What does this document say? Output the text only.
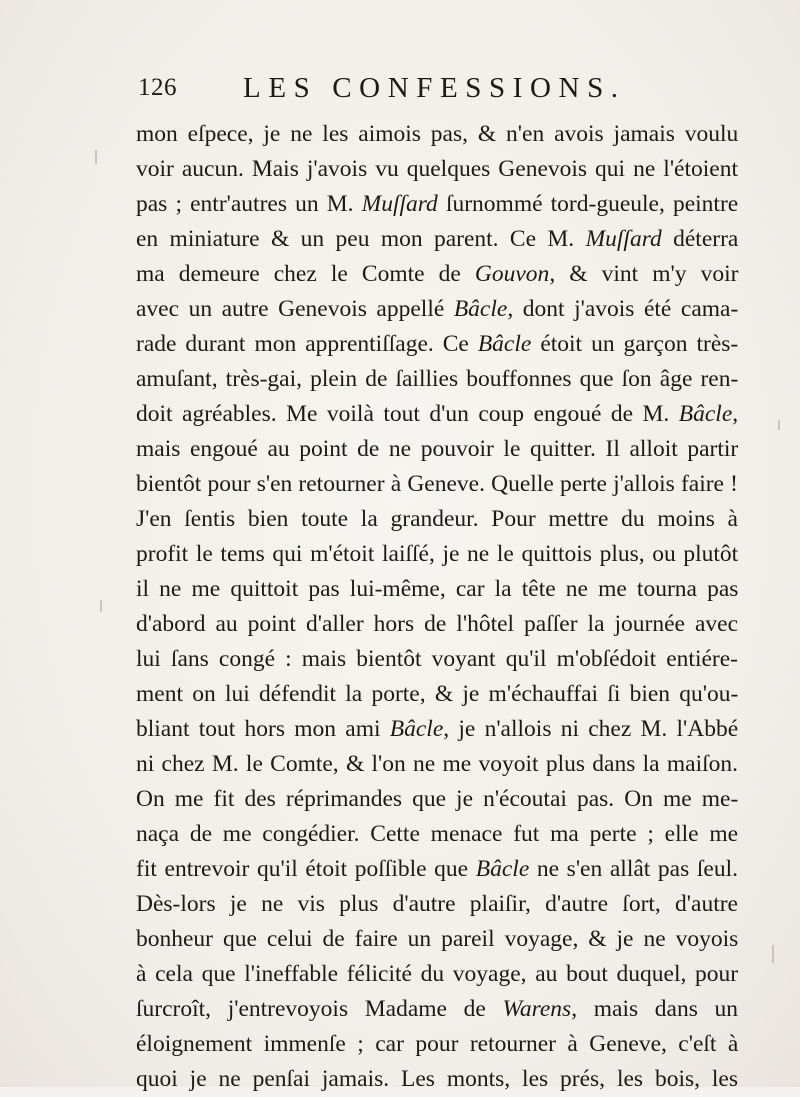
126 LES CONFESSIONS.
mon eſpece, je ne les aimois pas, & n'en avois jamais voulu
voir aucun. Mais j'avois vu quelques Genevois qui ne l'étoient
pas ; entr'autres un M. Muſſard ſurnommé tord-gueule, peintre
en miniature & un peu mon parent. Ce M. Muſſard déterra
ma demeure chez le Comte de Gouvon, & vint m'y voir
avec un autre Genevois appellé Bâcle, dont j'avois été cama-
rade durant mon apprentiſſage. Ce Bâcle étoit un garçon très-
amuſant, très-gai, plein de ſaillies bouffonnes que ſon âge ren-
doit agréables. Me voilà tout d'un coup engoué de M. Bâcle,
mais engoué au point de ne pouvoir le quitter. Il alloit partir
bientôt pour s'en retourner à Geneve. Quelle perte j'allois faire !
J'en ſentis bien toute la grandeur. Pour mettre du moins à
profit le tems qui m'étoit laiſſé, je ne le quittois plus, ou plutôt
il ne me quittoit pas lui-même, car la tête ne me tourna pas
d'abord au point d'aller hors de l'hôtel paſſer la journée avec
lui ſans congé : mais bientôt voyant qu'il m'obſédoit entiére-
ment on lui défendit la porte, & je m'échauffai ſi bien qu'ou-
bliant tout hors mon ami Bâcle, je n'allois ni chez M. l'Abbé
ni chez M. le Comte, & l'on ne me voyoit plus dans la maiſon.
On me fit des réprimandes que je n'écoutai pas. On me me-
naça de me congédier. Cette menace fut ma perte ; elle me
fit entrevoir qu'il étoit poſſible que Bâcle ne s'en allât pas ſeul.
Dès-lors je ne vis plus d'autre plaiſir, d'autre ſort, d'autre
bonheur que celui de faire un pareil voyage, & je ne voyois
à cela que l'ineffable félicité du voyage, au bout duquel, pour
ſurcroît, j'entrevoyois Madame de Warens, mais dans un
éloignement immenſe ; car pour retourner à Geneve, c'eſt à
quoi je ne penſai jamais. Les monts, les prés, les bois, les
